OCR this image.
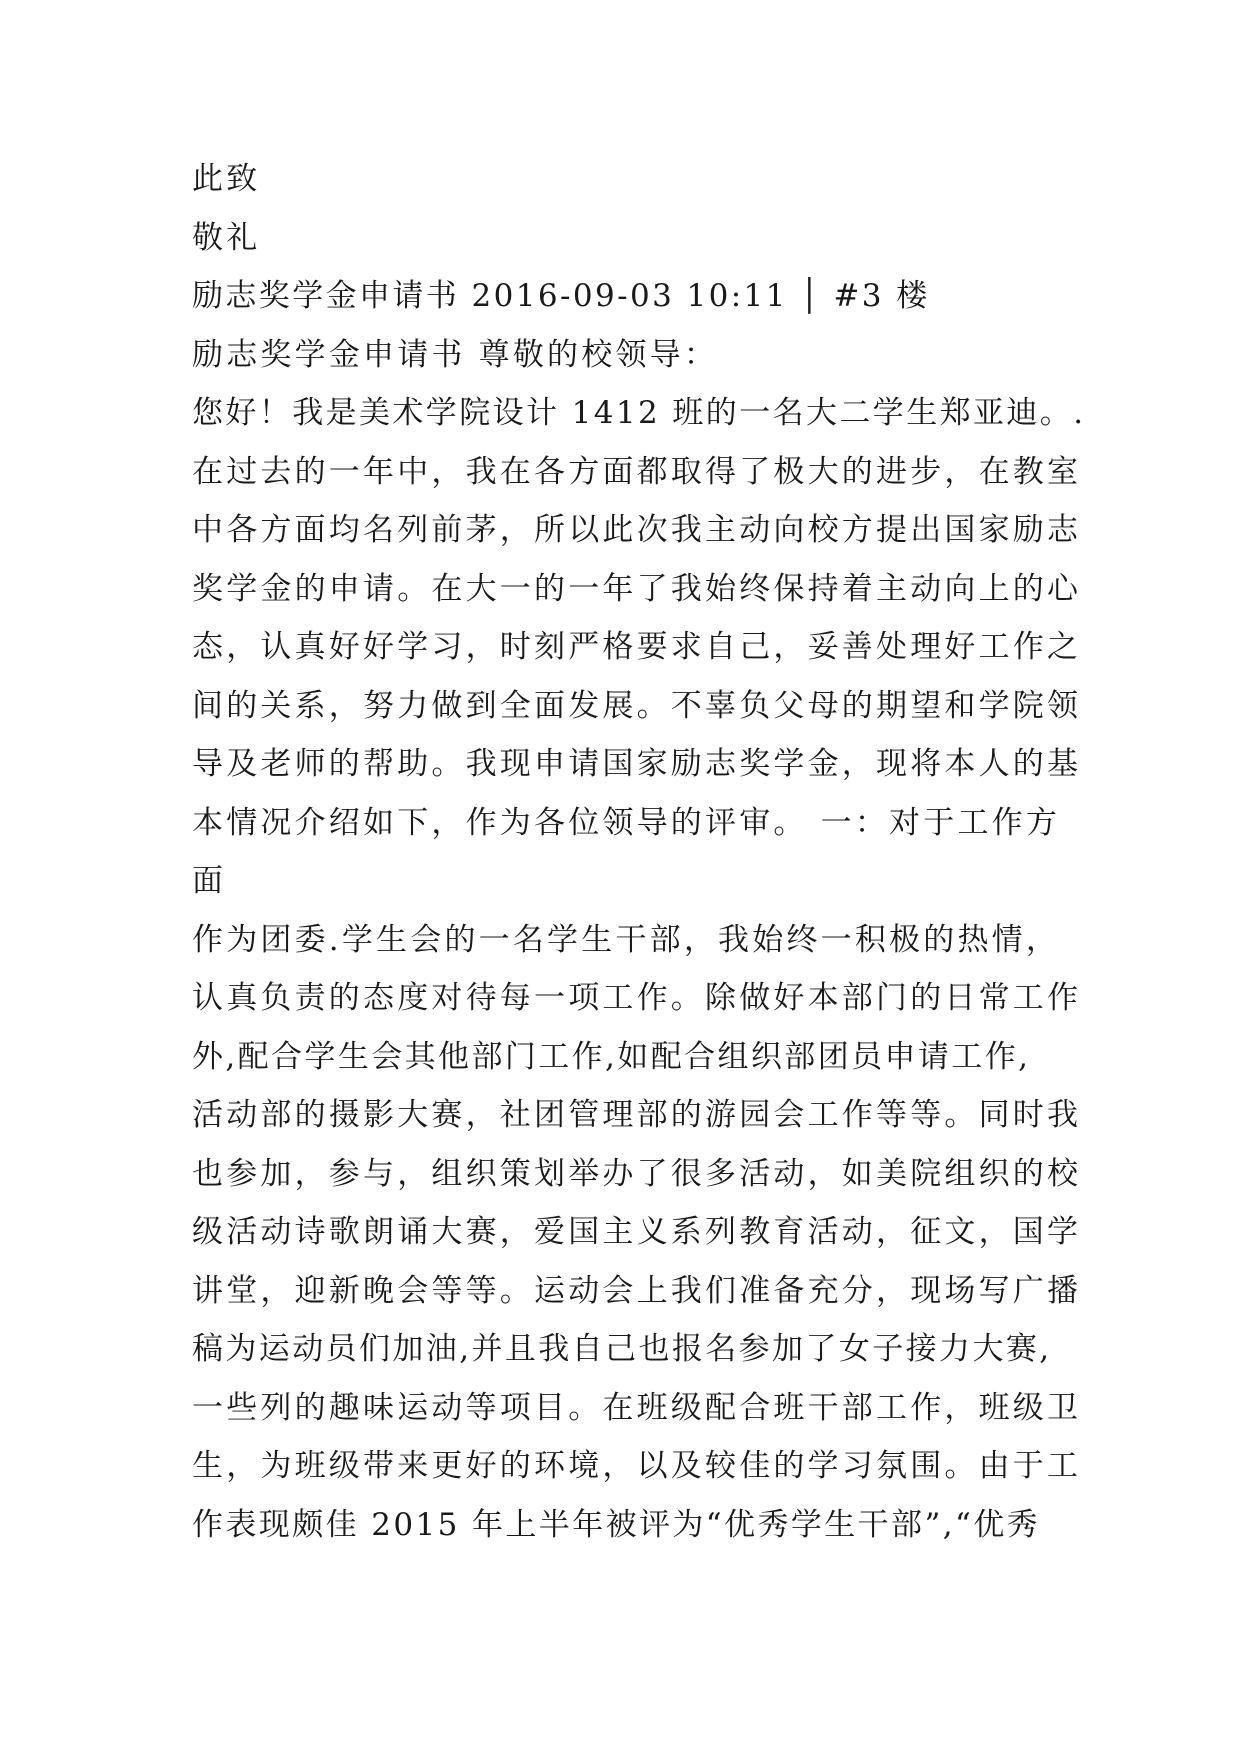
此致
敬礼
励志奖学金申请书 2016-09-03 10:11 │ #3 楼
励志奖学金申请书 尊敬的校领导：
您好！我是美术学院设计 1412 班的一名大二学生郑亚迪。.
在过去的一年中，我在各方面都取得了极大的进步，在教室
中各方面均名列前茅，所以此次我主动向校方提出国家励志
奖学金的申请。在大一的一年了我始终保持着主动向上的心
态，认真好好学习，时刻严格要求自己，妥善处理好工作之
间的关系，努力做到全面发展。不辜负父母的期望和学院领
导及老师的帮助。我现申请国家励志奖学金，现将本人的基
本情况介绍如下，作为各位领导的评审。 一：对于工作方
面
作为团委.学生会的一名学生干部，我始终一积极的热情，
认真负责的态度对待每一项工作。除做好本部门的日常工作
外,配合学生会其他部门工作,如配合组织部团员申请工作,
活动部的摄影大赛，社团管理部的游园会工作等等。同时我
也参加，参与，组织策划举办了很多活动，如美院组织的校
级活动诗歌朗诵大赛，爱国主义系列教育活动，征文，国学
讲堂，迎新晚会等等。运动会上我们准备充分，现场写广播
稿为运动员们加油,并且我自己也报名参加了女子接力大赛,
一些列的趣味运动等项目。在班级配合班干部工作，班级卫
生，为班级带来更好的环境，以及较佳的学习氛围。由于工
作表现颇佳 2015 年上半年被评为“优秀学生干部”,“优秀
